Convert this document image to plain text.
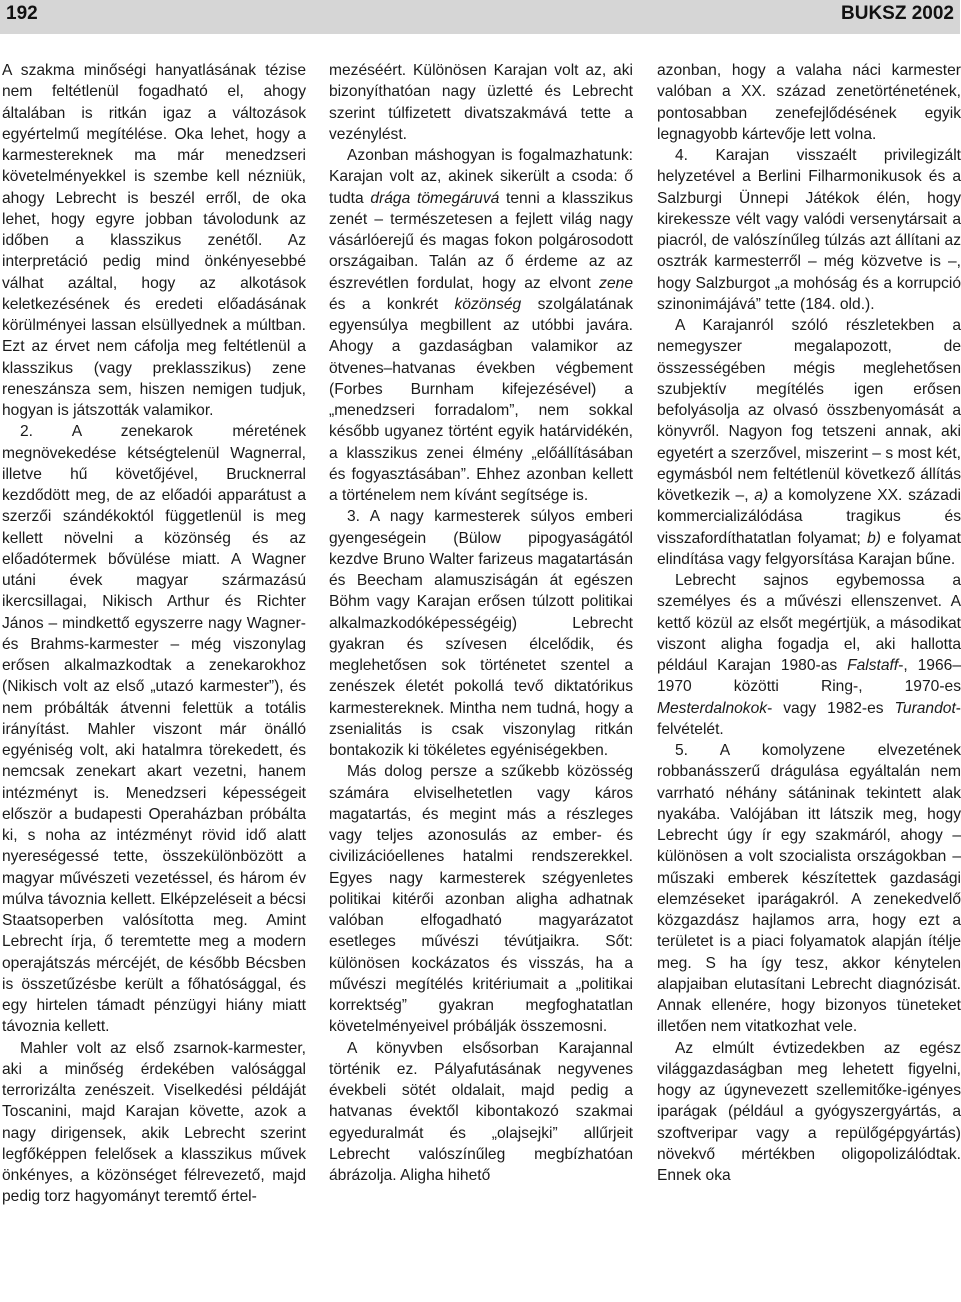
192	BUKSZ 2002

A szakma minőségi hanyatlásának tézise nem feltétlenül fogadható el, ahogy általában is ritkán igaz a változások egyértelmű megítélése. Oka lehet, hogy a karmestereknek ma már menedzseri követelményekkel is szembe kell nézniük, ahogy Lebrecht is beszél erről, de oka lehet, hogy egyre jobban távolodunk az időben a klasszikus zenétől. Az interpretáció pedig mind önkényesebbé válhat azáltal, hogy az alkotások keletkezésének és eredeti előadásának körülményei lassan elsüllyednek a múltban. Ezt az érvet nem cáfolja meg feltétlenül a klasszikus (vagy preklasszikus) zene reneszánsza sem, hiszen nemigen tudjuk, hogyan is játszották valamikor.

2. A zenekarok méretének megnövekedése kétségtelenül Wagnerral, illetve hű követőjével, Brucknerral kezdődött meg, de az előadói apparátust a szerzői szándékoktól függetlenül is meg kellett növelni a közönség és az előadótermek bővülése miatt. A Wagner utáni évek magyar származású ikercsillagai, Nikisch Arthur és Richter János – mindkettő egyszerre nagy Wagner- és Brahms-karmester – még viszonylag erősen alkalmazkodtak a zenekarokhoz (Nikisch volt az első „utazó karmester”), és nem próbálták átvenni felettük a totális irányítást. Mahler viszont már önálló egyéniség volt, aki hatalmra törekedett, és nemcsak zenekart akart vezetni, hanem intézményt is. Menedzseri képességeit először a budapesti Operaházban próbálta ki, s noha az intézményt rövid idő alatt nyereségessé tette, összekülönbözött a magyar művészeti vezetéssel, és három év múlva távoznia kellett. Elképzeléseit a bécsi Staatsoperben valósította meg. Amint Lebrecht írja, ő teremtette meg a modern operajátszás mércéjét, de később Bécsben is összetűzésbe került a főhatósággal, és egy hirtelen támadt pénzügyi hiány miatt távoznia kellett.

Mahler volt az első zsarnok-karmester, aki a minőség érdekében valósággal terrorizálta zenészeit. Viselkedési példáját Toscanini, majd Karajan követte, azok a nagy dirigensek, akik Lebrecht szerint legfőképpen felelősek a klasszikus művek önkényes, a közönséget félrevezető, majd pedig torz hagyományt teremtő értel-

mezéséért. Különösen Karajan volt az, aki bizonyíthatóan nagy üzletté és Lebrecht szerint túlfizetett divatszakmává tette a vezénylést.

Azonban máshogyan is fogalmazhatunk: Karajan volt az, akinek sikerült a csoda: ő tudta drága tömegáruvá tenni a klasszikus zenét – természetesen a fejlett világ nagy vásárlóerejű és magas fokon polgárosodott országaiban. Talán az ő érdeme az az észrevétlen fordulat, hogy az elvont zene és a konkrét közönség szolgálatának egyensúlya megbillent az utóbbi javára. Ahogy a gazdaságban valamikor az ötvenes–hatvanas években végbement (Forbes Burnham kifejezésével) a „menedzseri forradalom”, nem sokkal később ugyanez történt egyik határvidékén, a klasszikus zenei élmény „előállításában és fogyasztásában”. Ehhez azonban kellett a történelem nem kívánt segítsége is.

3. A nagy karmesterek súlyos emberi gyengeségein (Bülow pipogyaságától kezdve Bruno Walter farizeus magatartásán és Beecham alamusziságán át egészen Böhm vagy Karajan erősen túlzott politikai alkalmazkodóképességéig) Lebrecht gyakran és szívesen élcelődik, és meglehetősen sok történetet szentel a zenészek életét pokollá tevő diktatórikus karmestereknek. Mintha nem tudná, hogy a zsenialitás is csak viszonylag ritkán bontakozik ki tökéletes egyéniségekben.

Más dolog persze a szűkebb közösség számára elviselhetetlen vagy káros magatartás, és megint más a részleges vagy teljes azonosulás az ember- és civilizációellenes hatalmi rendszerekkel. Egyes nagy karmesterek szégyenletes politikai kitérői azonban aligha adhatnak valóban elfogadható magyarázatot esetleges művészi tévútjaikra. Sőt: különösen kockázatos és visszás, ha a művészi megítélés kritériumait a „politikai korrektség” gyakran megfoghatatlan követelményeivel próbálják összemosni.

A könyvben elsősorban Karajannal történik ez. Pályafutásának negyvenes évekbeli sötét oldalait, majd pedig a hatvanas évektől kibontakozó szakmai egyeduralmát és „olajsejki” allűrjeit Lebrecht valószínűleg megbízhatóan ábrázolja. Aligha hihető

azonban, hogy a valaha náci karmester valóban a XX. század zenetörténetének, pontosabban zenefejlődésének egyik legnagyobb kártevője lett volna.

4. Karajan visszaélt privilegizált helyzetével a Berlini Filharmonikusok és a Salzburgi Ünnepi Játékok élén, hogy kirekessze vélt vagy valódi versenytársait a piacról, de valószínűleg túlzás azt állítani az osztrák karmesterről – még közvetve is –, hogy Salzburgot „a mohóság és a korrupció szinonimájává” tette (184. old.).

A Karajanról szóló részletekben a nemegyszer megalapozott, de összességében mégis meglehetősen szubjektív megítélés igen erősen befolyásolja az olvasó összbenyomását a könyvről. Nagyon fog tetszeni annak, aki egyetért a szerzővel, miszerint – s most két, egymásból nem feltétlenül következő állítás következik –, a) a komolyzene XX. századi kommercializálódása tragikus és visszafordíthatatlan folyamat; b) e folyamat elindítása vagy felgyorsítása Karajan bűne.

Lebrecht sajnos egybemossa a személyes és a művészi ellenszenvet. A kettő közül az elsőt megértjük, a másodikat viszont aligha fogadja el, aki hallotta például Karajan 1980-as Falstaff-, 1966–1970 közötti Ring-, 1970-es Mesterdalnokok- vagy 1982-es Turandot-felvételét.

5. A komolyzene elvezetének robbanásszerű drágulása egyáltalán nem varrható néhány sátáninak tekintett alak nyakába. Valójában itt látszik meg, hogy Lebrecht úgy ír egy szakmáról, ahogy – különösen a volt szocialista országokban – műszaki emberek készítettek gazdasági elemzéseket iparágakról. A zenekedvelő közgazdász hajlamos arra, hogy ezt a területet is a piaci folyamatok alapján ítélje meg. S ha így tesz, akkor kénytelen alapjaiban elutasítani Lebrecht diagnózisát. Annak ellenére, hogy bizonyos tüneteket illetően nem vitatkozhat vele.

Az elmúlt évtizedekben az egész világgazdaságban meg lehetett figyelni, hogy az úgynevezett szellemitőke-igényes iparágak (például a gyógyszergyártás, a szoftveripar vagy a repülőgépgyártás) növekvő mértékben oligopolizálódtak. Ennek oka
